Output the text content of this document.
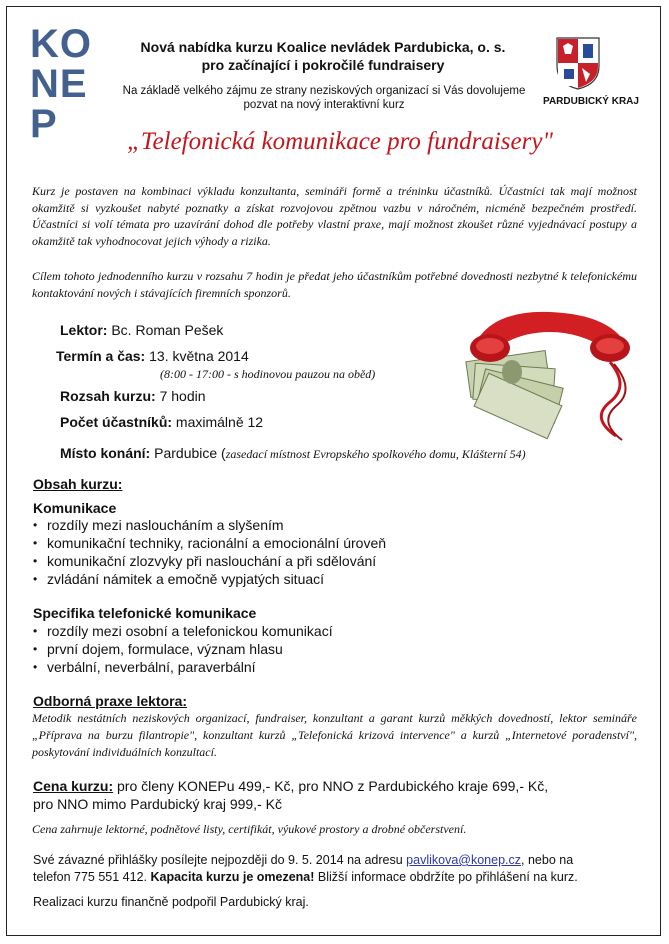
KO
NE
P
Nová nabídka kurzu Koalice nevládek Pardubicka, o. s.
pro začínající i pokročilé fundraisery
Na základě velkého zájmu ze strany neziskových organizací si Vás dovolujeme
pozvat na nový interaktivní kurz	PARDUBICKÝ KRAJ
„Telefonická komunikace pro fundraisery"
Kurz je postaven na kombinaci výkladu konzultanta, semináři formě a tréninku účastníků. Účastníci tak mají možnost okamžitě si vyzkoušet nabyté poznatky a získat rozvojovou zpětnou vazbu v náročném, nicméně bezpečném prostředí. Účastníci si volí témata pro uzavírání dohod dle potřeby vlastní praxe, mají možnost zkoušet různé vyjednávací postupy a okamžitě tak vyhodnocovat jejich výhody a rizika.
Cílem tohoto jednodenního kurzu v rozsahu 7 hodin je předat jeho účastníkům potřebné dovednosti nezbytné k telefonickému kontaktování nových i stávajících firemních sponzorů.
Lektor: Bc. Roman Pešek
Termín a čas: 13. května 2014
(8:00 - 17:00 - s hodinovou pauzou na oběd)
Rozsah kurzu: 7 hodin
Počet účastníků: maximálně 12
Místo konání: Pardubice (zasedací místnost Evropského spolkového domu, Klášterní 54)
Obsah kurzu:
Komunikace
• rozdíly mezi nasloucháním a slyšením
• komunikační techniky, racionální a emocionální úroveň
• komunikační zlozvyky při naslouchání a při sdělování
• zvládání námitek a emočně vypjatých situací
Specifika telefonické komunikace
• rozdíly mezi osobní a telefonickou komunikací
• první dojem, formulace, význam hlasu
• verbální, neverbální, paraverbální
Odborná praxe lektora:
Metodik nestátních neziskových organizací, fundraiser, konzultant a garant kurzů měkkých dovedností, lektor semináře „Příprava na burzu filantropie", konzultant kurzů „Telefonická krizová intervence" a kurzů „Internetové poradenství", poskytování individuálních konzultací.
Cena kurzu: pro členy KONEPu 499,- Kč, pro NNO z Pardubického kraje 699,- Kč,
pro NNO mimo Pardubický kraj 999,- Kč
Cena zahrnuje lektorné, podnětové listy, certifikát, výukové prostory a drobné občerstvení.
Své závazné přihlášky posílejte nejpozději do 9. 5. 2014 na adresu pavlikova@konep.cz, nebo na
telefon 775 551 412. Kapacita kurzu je omezena! Bližší informace obdržíte po přihlášení na kurz.
Realizaci kurzu finančně podpořil Pardubický kraj.
